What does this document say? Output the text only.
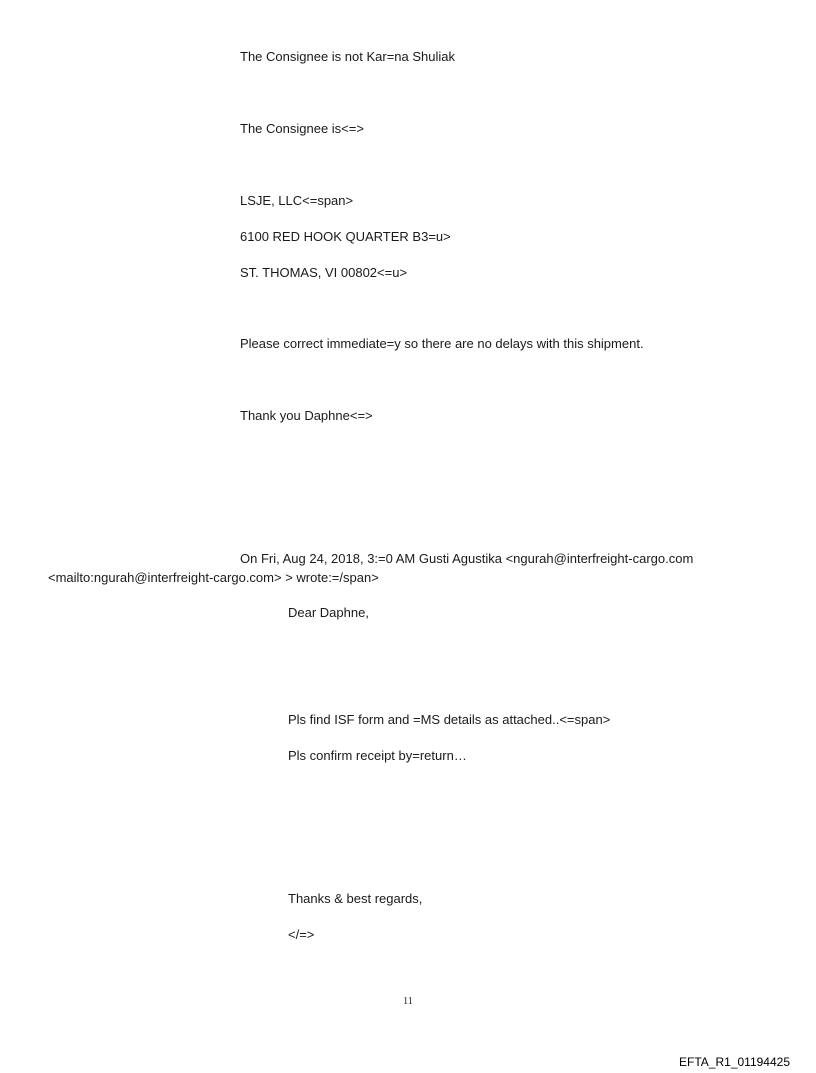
The Consignee is not Kar=na Shuliak
The Consignee is<=>
LSJE, LLC<=span>
6100 RED HOOK QUARTER B3=u>
ST. THOMAS, VI 00802<=u>
Please correct immediate=y so there are no delays with this shipment.
Thank you Daphne<=>
On Fri, Aug 24, 2018, 3:=0 AM Gusti Agustika <ngurah@interfreight-cargo.com
<mailto:ngurah@interfreight-cargo.com> > wrote:=/span>
Dear Daphne,
Pls find ISF form and =MS details as attached..<=span>
Pls confirm receipt by=return…
Thanks & best regards,
</=>
11
EFTA_R1_01194425
